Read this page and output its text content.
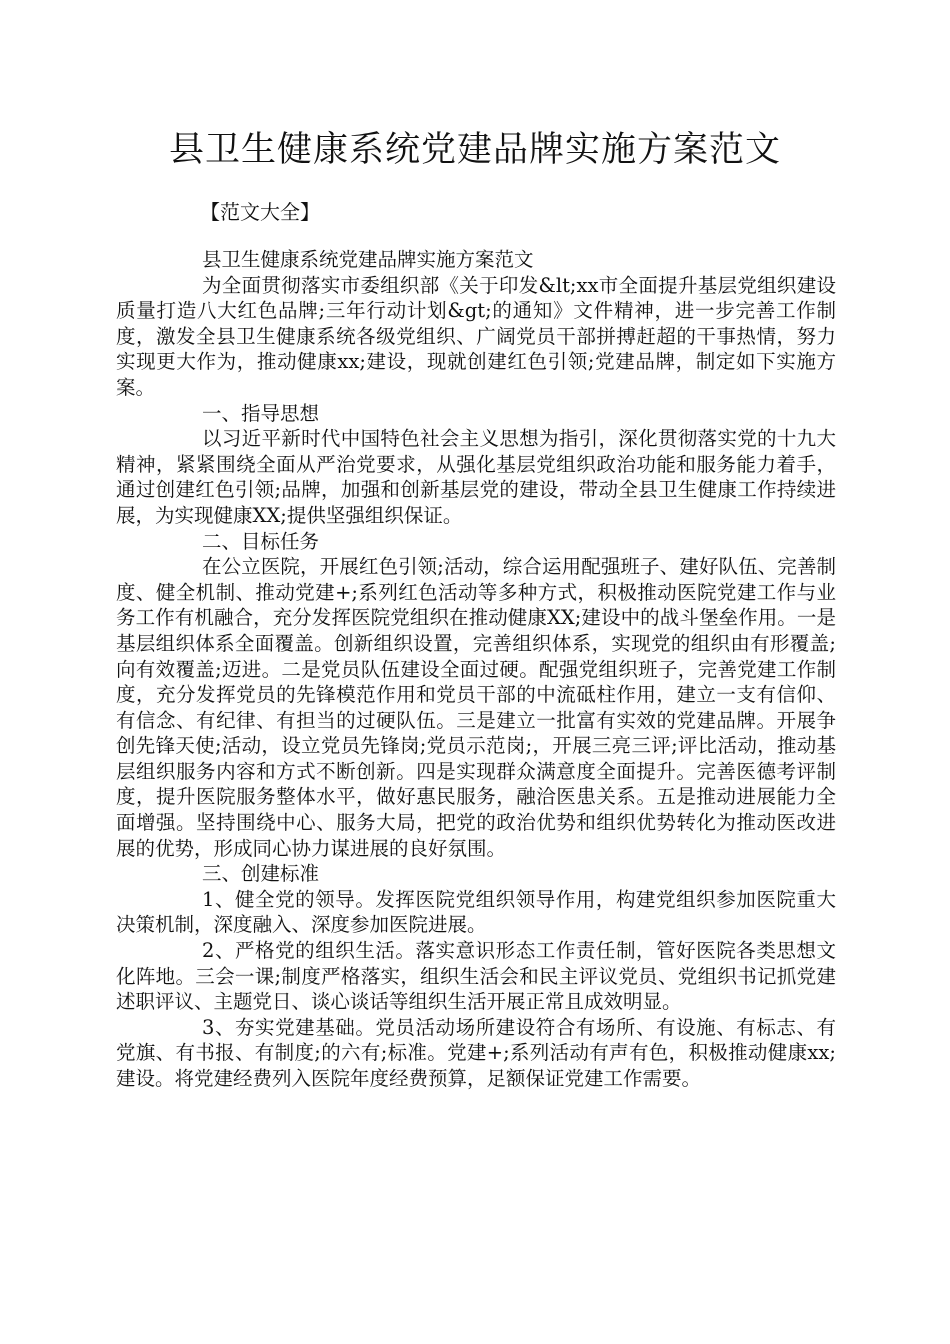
县卫生健康系统党建品牌实施方案范文

【范文大全】

县卫生健康系统党建品牌实施方案范文

为全面贯彻落实市委组织部《关于印发&lt;xx市全面提升基层党组织建设质量打造八大红色品牌;三年行动计划&gt;的通知》文件精神，进一步完善工作制度，激发全县卫生健康系统各级党组织、广阔党员干部拼搏赶超的干事热情，努力实现更大作为，推动健康xx;建设，现就创建红色引领;党建品牌，制定如下实施方案。

一、指导思想

以习近平新时代中国特色社会主义思想为指引，深化贯彻落实党的十九大精神，紧紧围绕全面从严治党要求，从强化基层党组织政治功能和服务能力着手，通过创建红色引领;品牌，加强和创新基层党的建设，带动全县卫生健康工作持续进展，为实现健康XX;提供坚强组织保证。

二、目标任务

在公立医院，开展红色引领;活动，综合运用配强班子、建好队伍、完善制度、健全机制、推动党建+;系列红色活动等多种方式，积极推动医院党建工作与业务工作有机融合，充分发挥医院党组织在推动健康XX;建设中的战斗堡垒作用。一是基层组织体系全面覆盖。创新组织设置，完善组织体系，实现党的组织由有形覆盖;向有效覆盖;迈进。二是党员队伍建设全面过硬。配强党组织班子，完善党建工作制度，充分发挥党员的先锋模范作用和党员干部的中流砥柱作用，建立一支有信仰、有信念、有纪律、有担当的过硬队伍。三是建立一批富有实效的党建品牌。开展争创先锋天使;活动，设立党员先锋岗;党员示范岗;，开展三亮三评;评比活动，推动基层组织服务内容和方式不断创新。四是实现群众满意度全面提升。完善医德考评制度，提升医院服务整体水平，做好惠民服务，融洽医患关系。五是推动进展能力全面增强。坚持围绕中心、服务大局，把党的政治优势和组织优势转化为推动医改进展的优势，形成同心协力谋进展的良好氛围。

三、创建标准

1、健全党的领导。发挥医院党组织领导作用，构建党组织参加医院重大决策机制，深度融入、深度参加医院进展。

2、严格党的组织生活。落实意识形态工作责任制，管好医院各类思想文化阵地。三会一课;制度严格落实，组织生活会和民主评议党员、党组织书记抓党建述职评议、主题党日、谈心谈话等组织生活开展正常且成效明显。

3、夯实党建基础。党员活动场所建设符合有场所、有设施、有标志、有党旗、有书报、有制度;的六有;标准。党建+;系列活动有声有色，积极推动健康xx;建设。将党建经费列入医院年度经费预算，足额保证党建工作需要。
